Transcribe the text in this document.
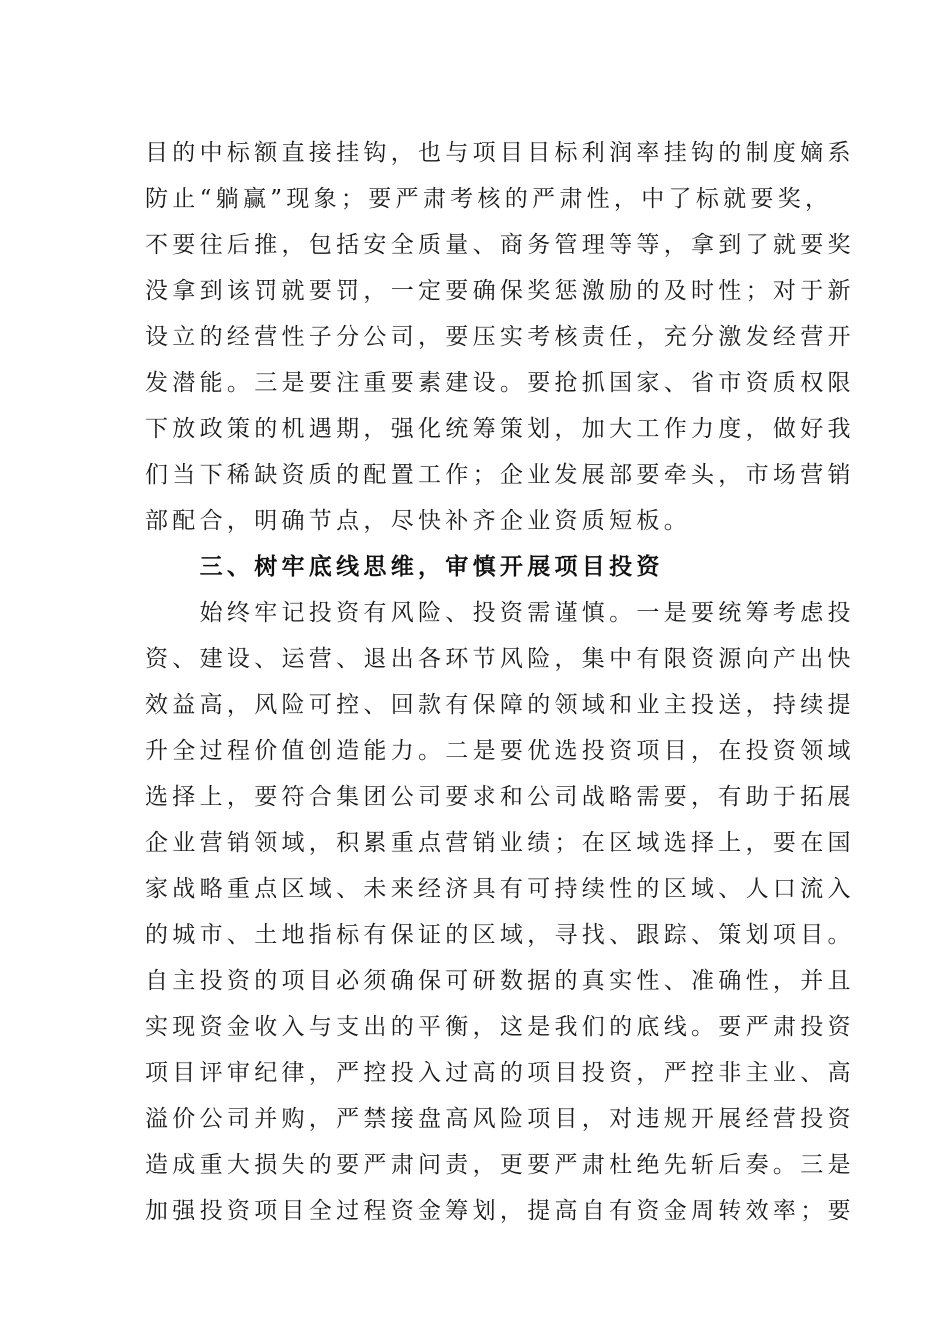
目的中标额直接挂钩，也与项目目标利润率挂钩的制度嫡系
防止“躺赢”现象；要严肃考核的严肃性，中了标就要奖，
不要往后推，包括安全质量、商务管理等等，拿到了就要奖
没拿到该罚就要罚，一定要确保奖惩激励的及时性；对于新
设立的经营性子分公司，要压实考核责任，充分激发经营开
发潜能。三是要注重要素建设。要抢抓国家、省市资质权限
下放政策的机遇期，强化统筹策划，加大工作力度，做好我
们当下稀缺资质的配置工作；企业发展部要牵头，市场营销
部配合，明确节点，尽快补齐企业资质短板。
　　三、树牢底线思维，审慎开展项目投资
　　始终牢记投资有风险、投资需谨慎。一是要统筹考虑投
资、建设、运营、退出各环节风险，集中有限资源向产出快
效益高，风险可控、回款有保障的领域和业主投送，持续提
升全过程价值创造能力。二是要优选投资项目，在投资领域
选择上，要符合集团公司要求和公司战略需要，有助于拓展
企业营销领域，积累重点营销业绩；在区域选择上，要在国
家战略重点区域、未来经济具有可持续性的区域、人口流入
的城市、土地指标有保证的区域，寻找、跟踪、策划项目。
自主投资的项目必须确保可研数据的真实性、准确性，并且
实现资金收入与支出的平衡，这是我们的底线。要严肃投资
项目评审纪律，严控投入过高的项目投资，严控非主业、高
溢价公司并购，严禁接盘高风险项目，对违规开展经营投资
造成重大损失的要严肃问责，更要严肃杜绝先斩后奏。三是
加强投资项目全过程资金筹划，提高自有资金周转效率；要
